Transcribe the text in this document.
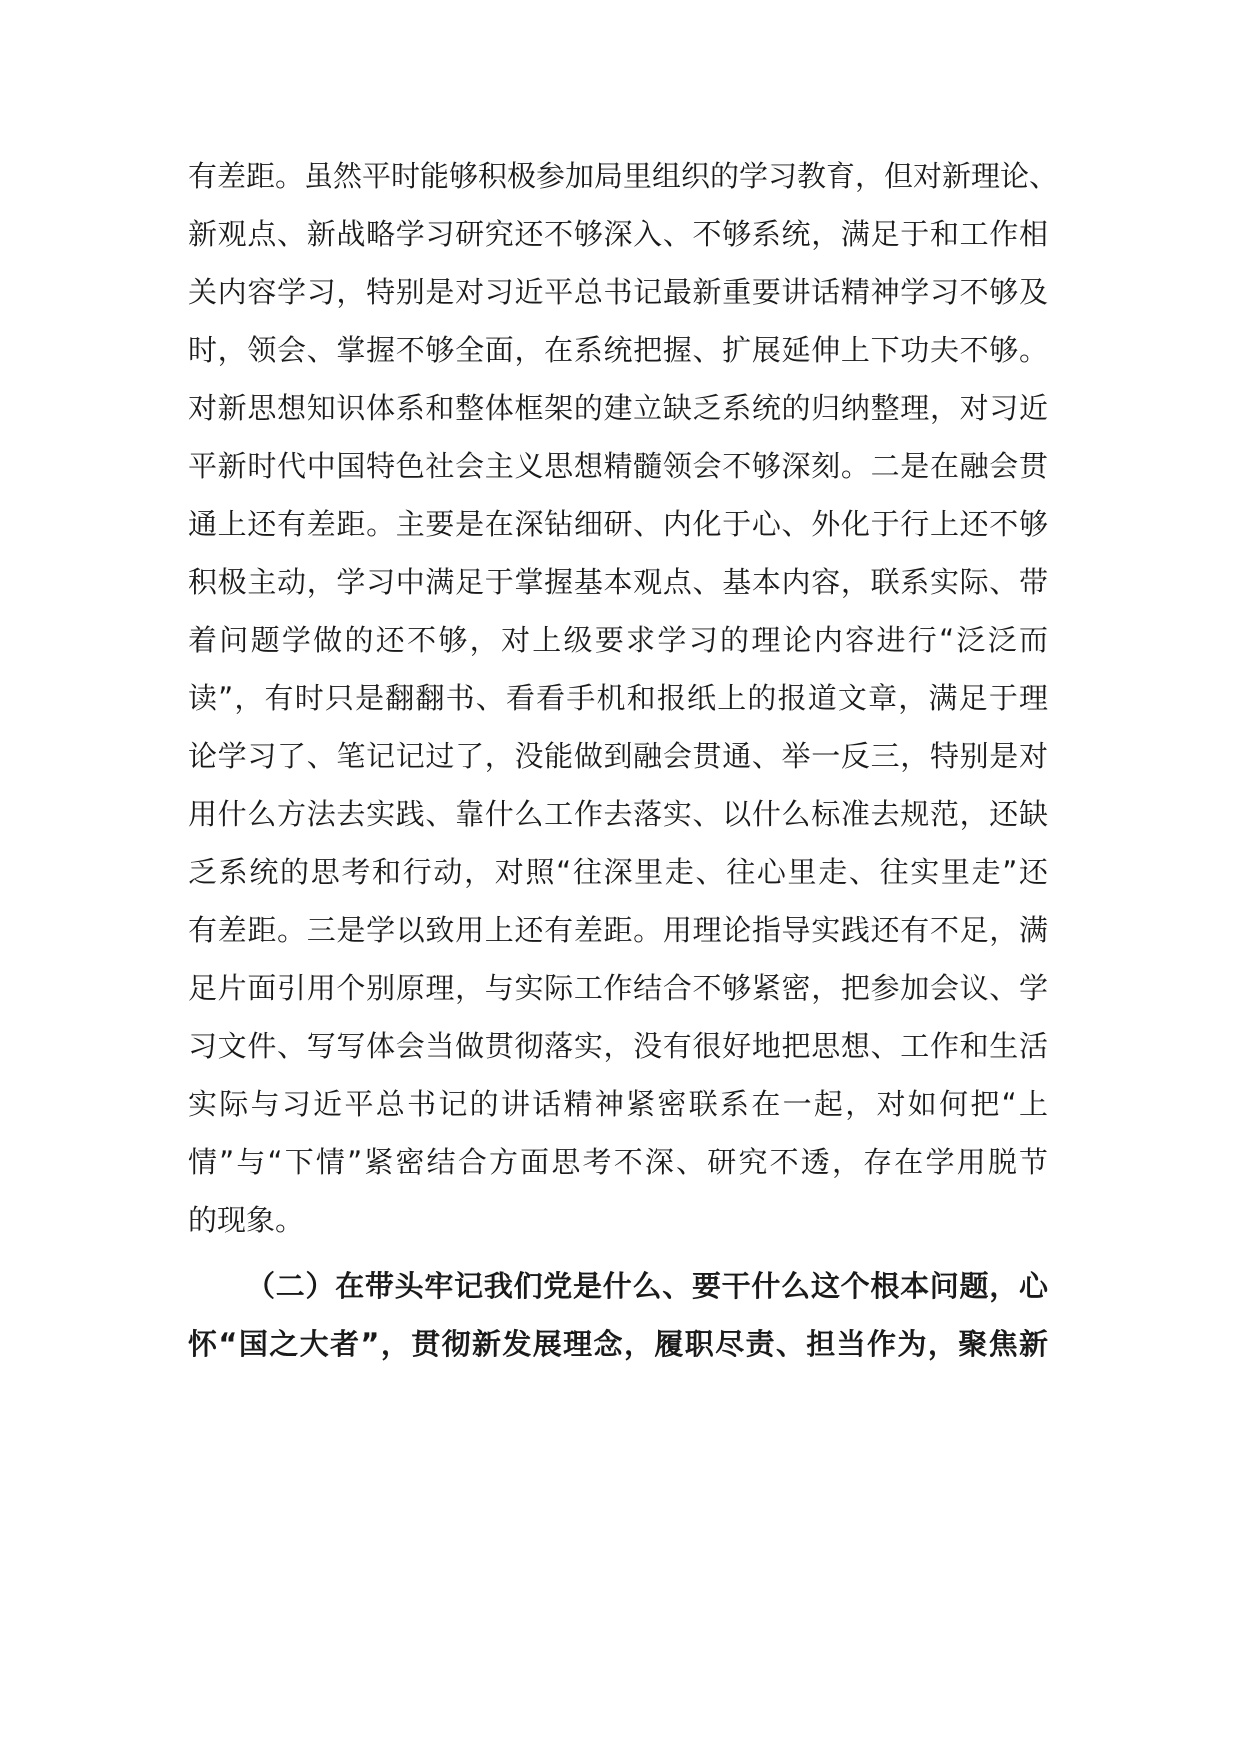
有差距。虽然平时能够积极参加局里组织的学习教育，但对新理论、
新观点、新战略学习研究还不够深入、不够系统，满足于和工作相
关内容学习，特别是对习近平总书记最新重要讲话精神学习不够及
时，领会、掌握不够全面，在系统把握、扩展延伸上下功夫不够。
对新思想知识体系和整体框架的建立缺乏系统的归纳整理，对习近
平新时代中国特色社会主义思想精髓领会不够深刻。二是在融会贯
通上还有差距。主要是在深钻细研、内化于心、外化于行上还不够
积极主动，学习中满足于掌握基本观点、基本内容，联系实际、带
着问题学做的还不够，对上级要求学习的理论内容进行“泛泛而
读”，有时只是翻翻书、看看手机和报纸上的报道文章，满足于理
论学习了、笔记记过了，没能做到融会贯通、举一反三，特别是对
用什么方法去实践、靠什么工作去落实、以什么标准去规范，还缺
乏系统的思考和行动，对照“往深里走、往心里走、往实里走”还
有差距。三是学以致用上还有差距。用理论指导实践还有不足，满
足片面引用个别原理，与实际工作结合不够紧密，把参加会议、学
习文件、写写体会当做贯彻落实，没有很好地把思想、工作和生活
实际与习近平总书记的讲话精神紧密联系在一起，对如何把“上
情”与“下情”紧密结合方面思考不深、研究不透，存在学用脱节
的现象。
（二）在带头牢记我们党是什么、要干什么这个根本问题，心
怀“国之大者”，贯彻新发展理念，履职尽责、担当作为，聚焦新
